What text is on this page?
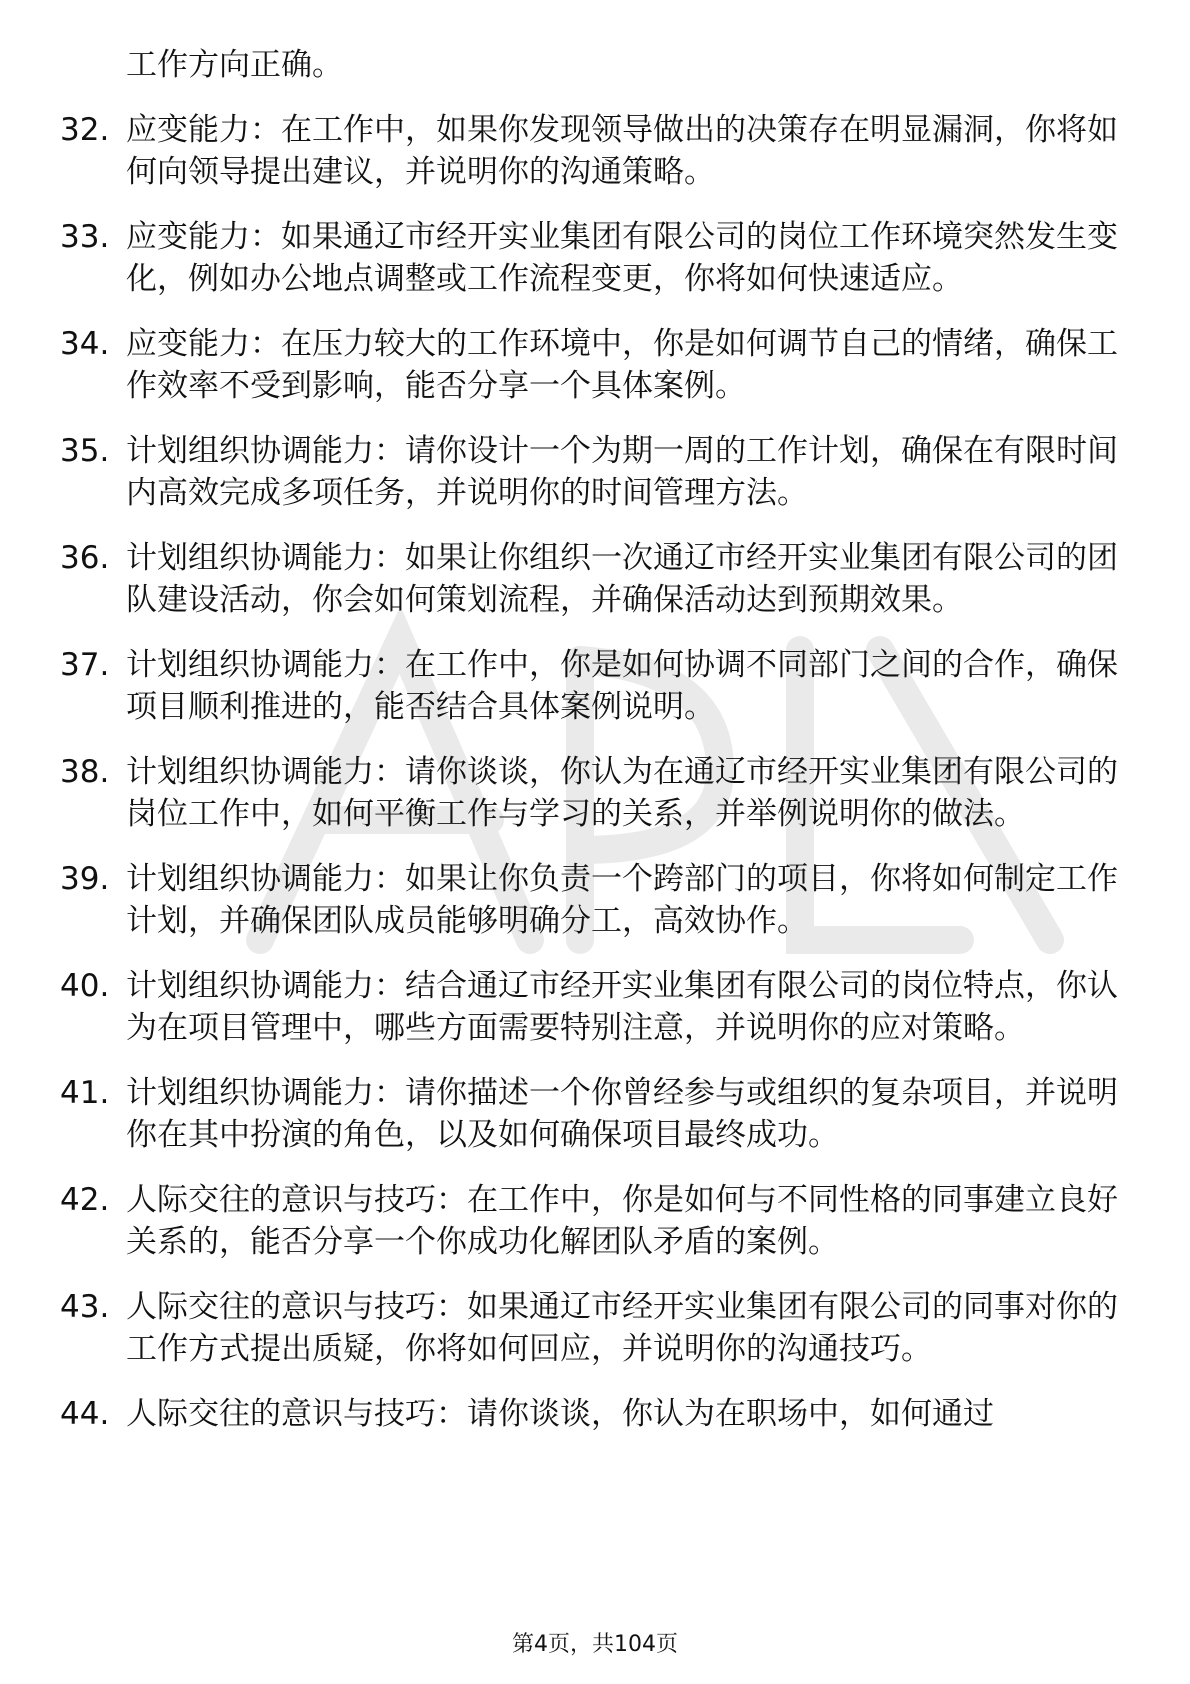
工作方向正确。
32. 应变能力：在工作中，如果你发现领导做出的决策存在明显漏洞，你将如何向领导提出建议，并说明你的沟通策略。
33. 应变能力：如果通辽市经开实业集团有限公司的岗位工作环境突然发生变化，例如办公地点调整或工作流程变更，你将如何快速适应。
34. 应变能力：在压力较大的工作环境中，你是如何调节自己的情绪，确保工作效率不受到影响，能否分享一个具体案例。
35. 计划组织协调能力：请你设计一个为期一周的工作计划，确保在有限时间内高效完成多项任务，并说明你的时间管理方法。
36. 计划组织协调能力：如果让你组织一次通辽市经开实业集团有限公司的团队建设活动，你会如何策划流程，并确保活动达到预期效果。
37. 计划组织协调能力：在工作中，你是如何协调不同部门之间的合作，确保项目顺利推进的，能否结合具体案例说明。
38. 计划组织协调能力：请你谈谈，你认为在通辽市经开实业集团有限公司的岗位工作中，如何平衡工作与学习的关系，并举例说明你的做法。
39. 计划组织协调能力：如果让你负责一个跨部门的项目，你将如何制定工作计划，并确保团队成员能够明确分工，高效协作。
40. 计划组织协调能力：结合通辽市经开实业集团有限公司的岗位特点，你认为在项目管理中，哪些方面需要特别注意，并说明你的应对策略。
41. 计划组织协调能力：请你描述一个你曾经参与或组织的复杂项目，并说明你在其中扮演的角色，以及如何确保项目最终成功。
42. 人际交往的意识与技巧：在工作中，你是如何与不同性格的同事建立良好关系的，能否分享一个你成功化解团队矛盾的案例。
43. 人际交往的意识与技巧：如果通辽市经开实业集团有限公司的同事对你的工作方式提出质疑，你将如何回应，并说明你的沟通技巧。
44. 人际交往的意识与技巧：请你谈谈，你认为在职场中，如何通过
第4页，共104页
